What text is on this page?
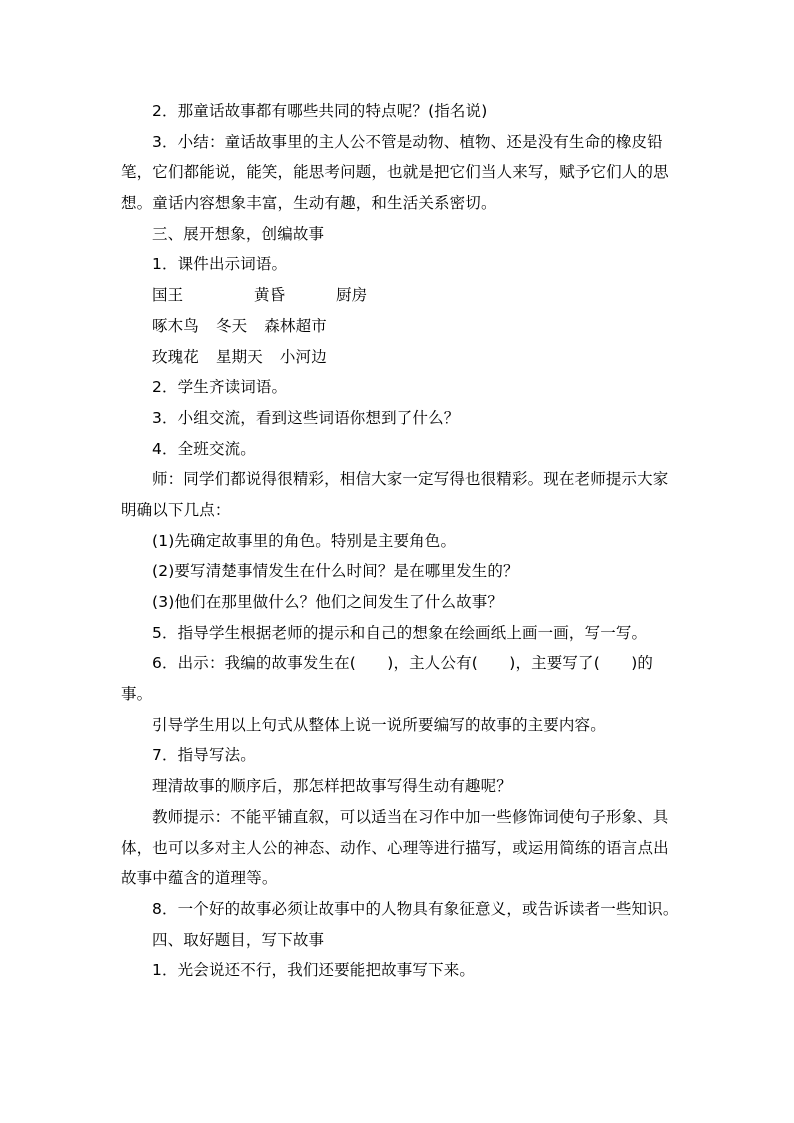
2．那童话故事都有哪些共同的特点呢？(指名说)
3．小结：童话故事里的主人公不管是动物、植物、还是没有生命的橡皮铅
笔，它们都能说，能笑，能思考问题，也就是把它们当人来写，赋予它们人的思
想。童话内容想象丰富，生动有趣，和生活关系密切。
三、展开想象，创编故事
1．课件出示词语。
国王	黄昏	厨房
啄木鸟 冬天 森林超市
玫瑰花 星期天 小河边
2．学生齐读词语。
3．小组交流，看到这些词语你想到了什么？
4．全班交流。
师：同学们都说得很精彩，相信大家一定写得也很精彩。现在老师提示大家
明确以下几点：
(1)先确定故事里的角色。特别是主要角色。
(2)要写清楚事情发生在什么时间？是在哪里发生的？
(3)他们在那里做什么？他们之间发生了什么故事？
5．指导学生根据老师的提示和自己的想象在绘画纸上画一画，写一写。
6．出示：我编的故事发生在(　　)，主人公有(　　)，主要写了(　　)的
事。
引导学生用以上句式从整体上说一说所要编写的故事的主要内容。
7．指导写法。
理清故事的顺序后，那怎样把故事写得生动有趣呢？
教师提示：不能平铺直叙，可以适当在习作中加一些修饰词使句子形象、具
体，也可以多对主人公的神态、动作、心理等进行描写，或运用简练的语言点出
故事中蕴含的道理等。
8．一个好的故事必须让故事中的人物具有象征意义，或告诉读者一些知识。
四、取好题目，写下故事
1．光会说还不行，我们还要能把故事写下来。
